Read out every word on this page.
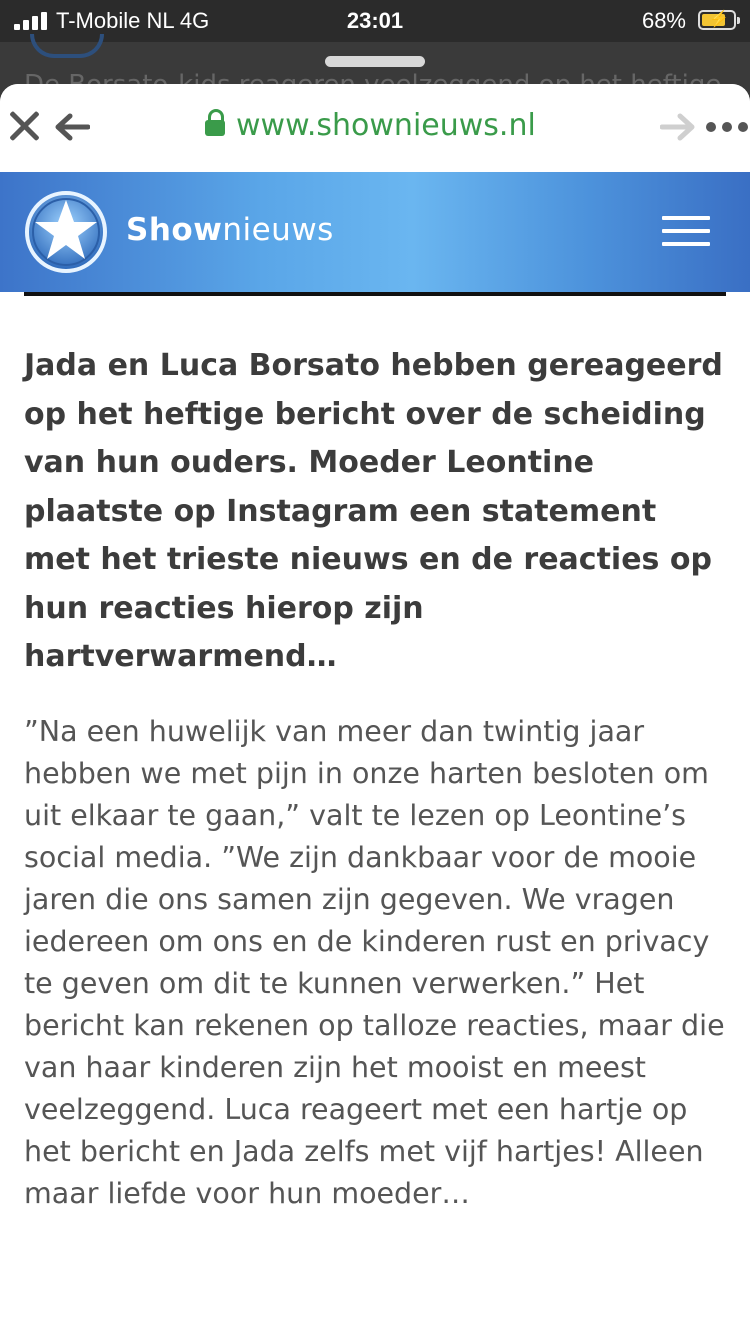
T-Mobile NL 4G	23:01	68% ⚡
www.shownieuws.nl
Shownieuws

Jada en Luca Borsato hebben gereageerd op het heftige bericht over de scheiding van hun ouders. Moeder Leontine plaatste op Instagram een statement met het trieste nieuws en de reacties op hun reacties hierop zijn hartverwarmend…

”Na een huwelijk van meer dan twintig jaar hebben we met pijn in onze harten besloten om uit elkaar te gaan,” valt te lezen op Leontine’s social media. ”We zijn dankbaar voor de mooie jaren die ons samen zijn gegeven. We vragen iedereen om ons en de kinderen rust en privacy te geven om dit te kunnen verwerken.” Het bericht kan rekenen op talloze reacties, maar die van haar kinderen zijn het mooist en meest veelzeggend. Luca reageert met een hartje op het bericht en Jada zelfs met vijf hartjes! Alleen maar liefde voor hun moeder…
